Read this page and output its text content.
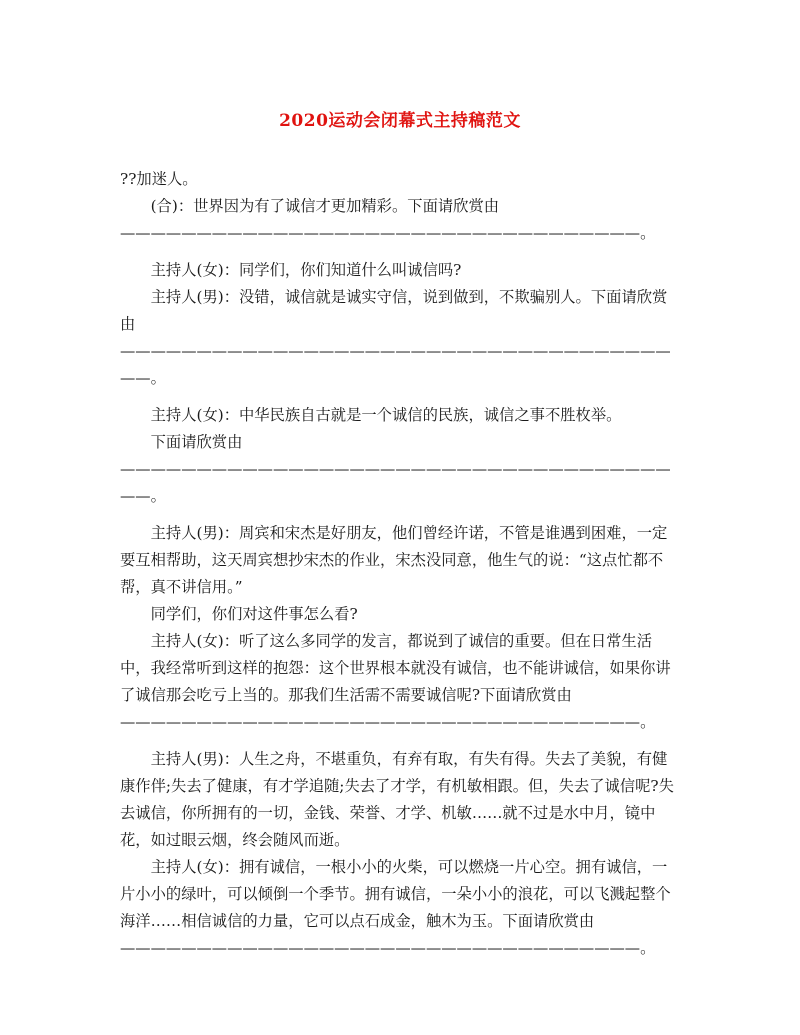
2020运动会闭幕式主持稿范文

??加迷人。

(合)：世界因为有了诚信才更加精彩。下面请欣赏由——————————————————————————————————。

主持人(女)：同学们，你们知道什么叫诚信吗?

主持人(男)：没错，诚信就是诚实守信，说到做到，不欺骗别人。下面请欣赏由——————————————————————————————————————。

主持人(女)：中华民族自古就是一个诚信的民族，诚信之事不胜枚举。

下面请欣赏由——————————————————————————————————————。

主持人(男)：周宾和宋杰是好朋友，他们曾经许诺，不管是谁遇到困难，一定要互相帮助，这天周宾想抄宋杰的作业，宋杰没同意，他生气的说：“这点忙都不帮，真不讲信用。”

同学们，你们对这件事怎么看?

主持人(女)：听了这么多同学的发言，都说到了诚信的重要。但在日常生活中，我经常听到这样的抱怨：这个世界根本就没有诚信，也不能讲诚信，如果你讲了诚信那会吃亏上当的。那我们生活需不需要诚信呢?下面请欣赏由——————————————————————————————————。

主持人(男)：人生之舟，不堪重负，有弃有取，有失有得。失去了美貌，有健康作伴;失去了健康，有才学追随;失去了才学，有机敏相跟。但，失去了诚信呢?失去诚信，你所拥有的一切，金钱、荣誉、才学、机敏……就不过是水中月，镜中花，如过眼云烟，终会随风而逝。

主持人(女)：拥有诚信，一根小小的火柴，可以燃烧一片心空。拥有诚信，一片小小的绿叶，可以倾倒一个季节。拥有诚信，一朵小小的浪花，可以飞溅起整个海洋……相信诚信的力量，它可以点石成金，触木为玉。下面请欣赏由——————————————————————————————————。
